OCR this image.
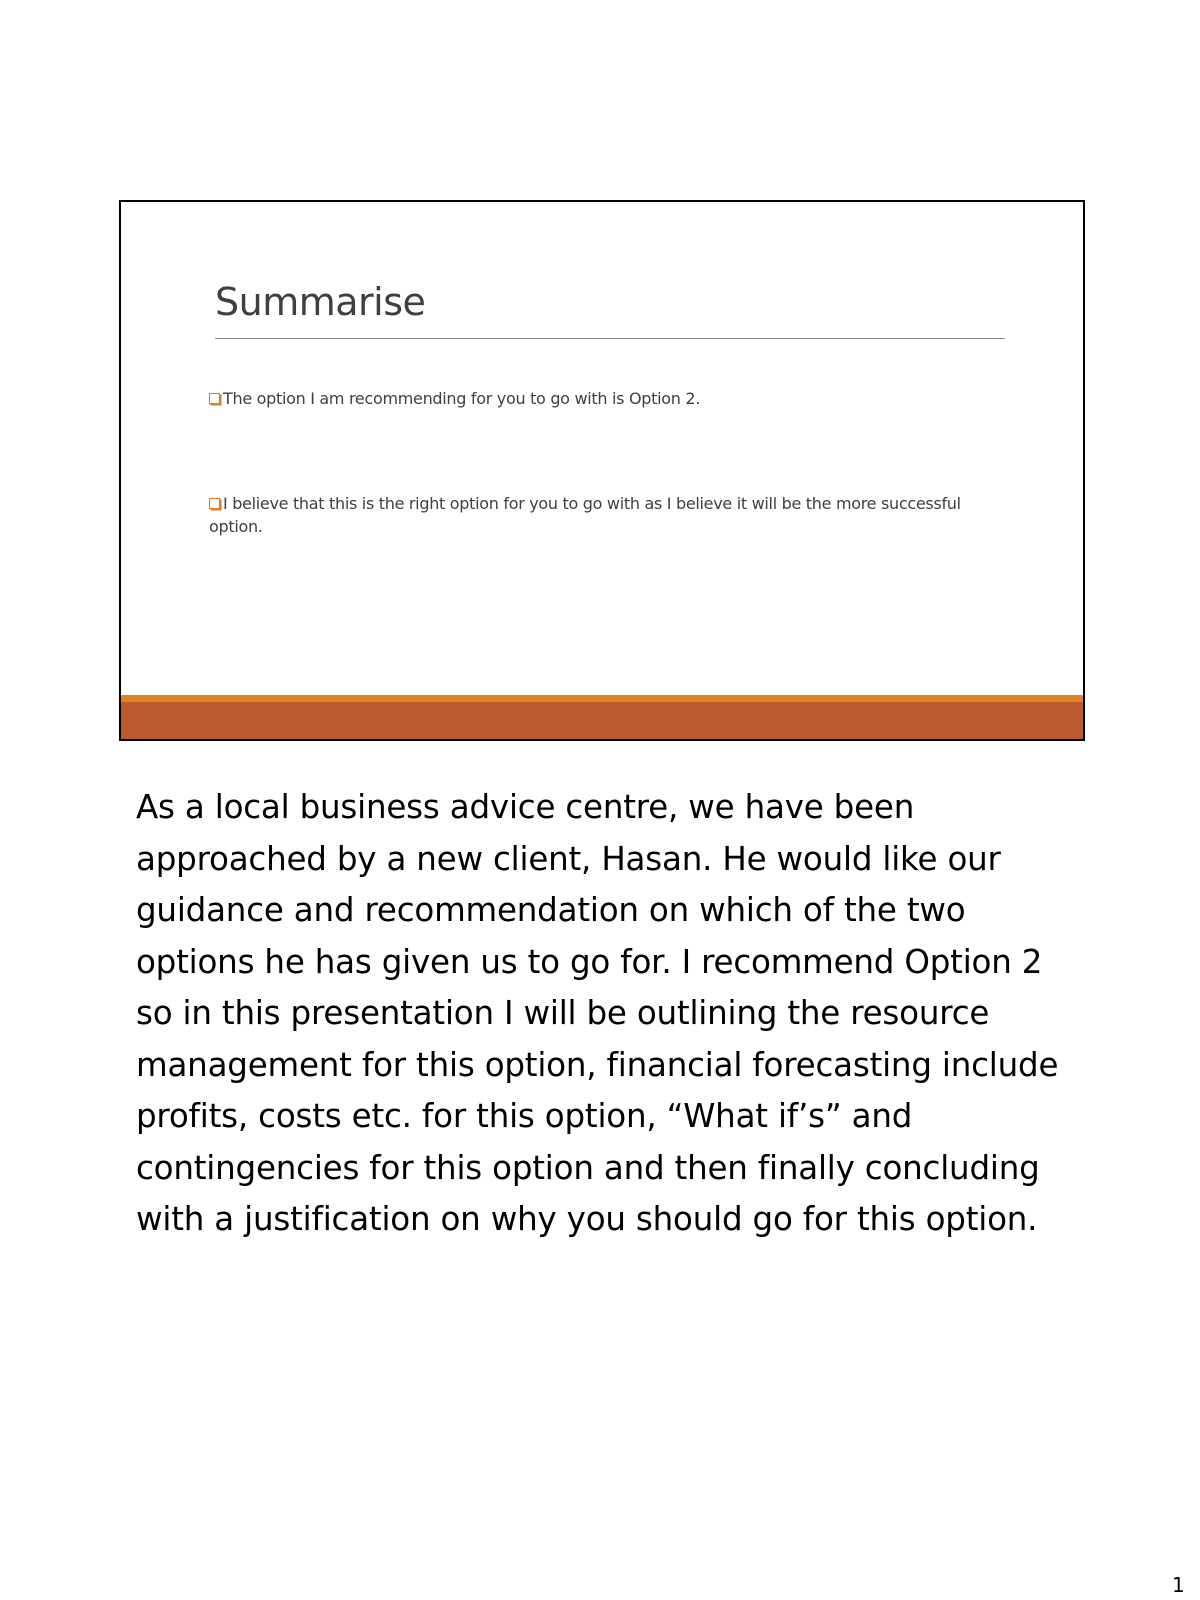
Summarise
The option I am recommending for you to go with is Option 2.
I believe that this is the right option for you to go with as I believe it will be the more successful option.

As a local business advice centre, we have been approached by a new client, Hasan. He would like our guidance and recommendation on which of the two options he has given us to go for. I recommend Option 2 so in this presentation I will be outlining the resource management for this option, financial forecasting include profits, costs etc. for this option, “What if’s” and contingencies for this option and then finally concluding with a justification on why you should go for this option.

1
